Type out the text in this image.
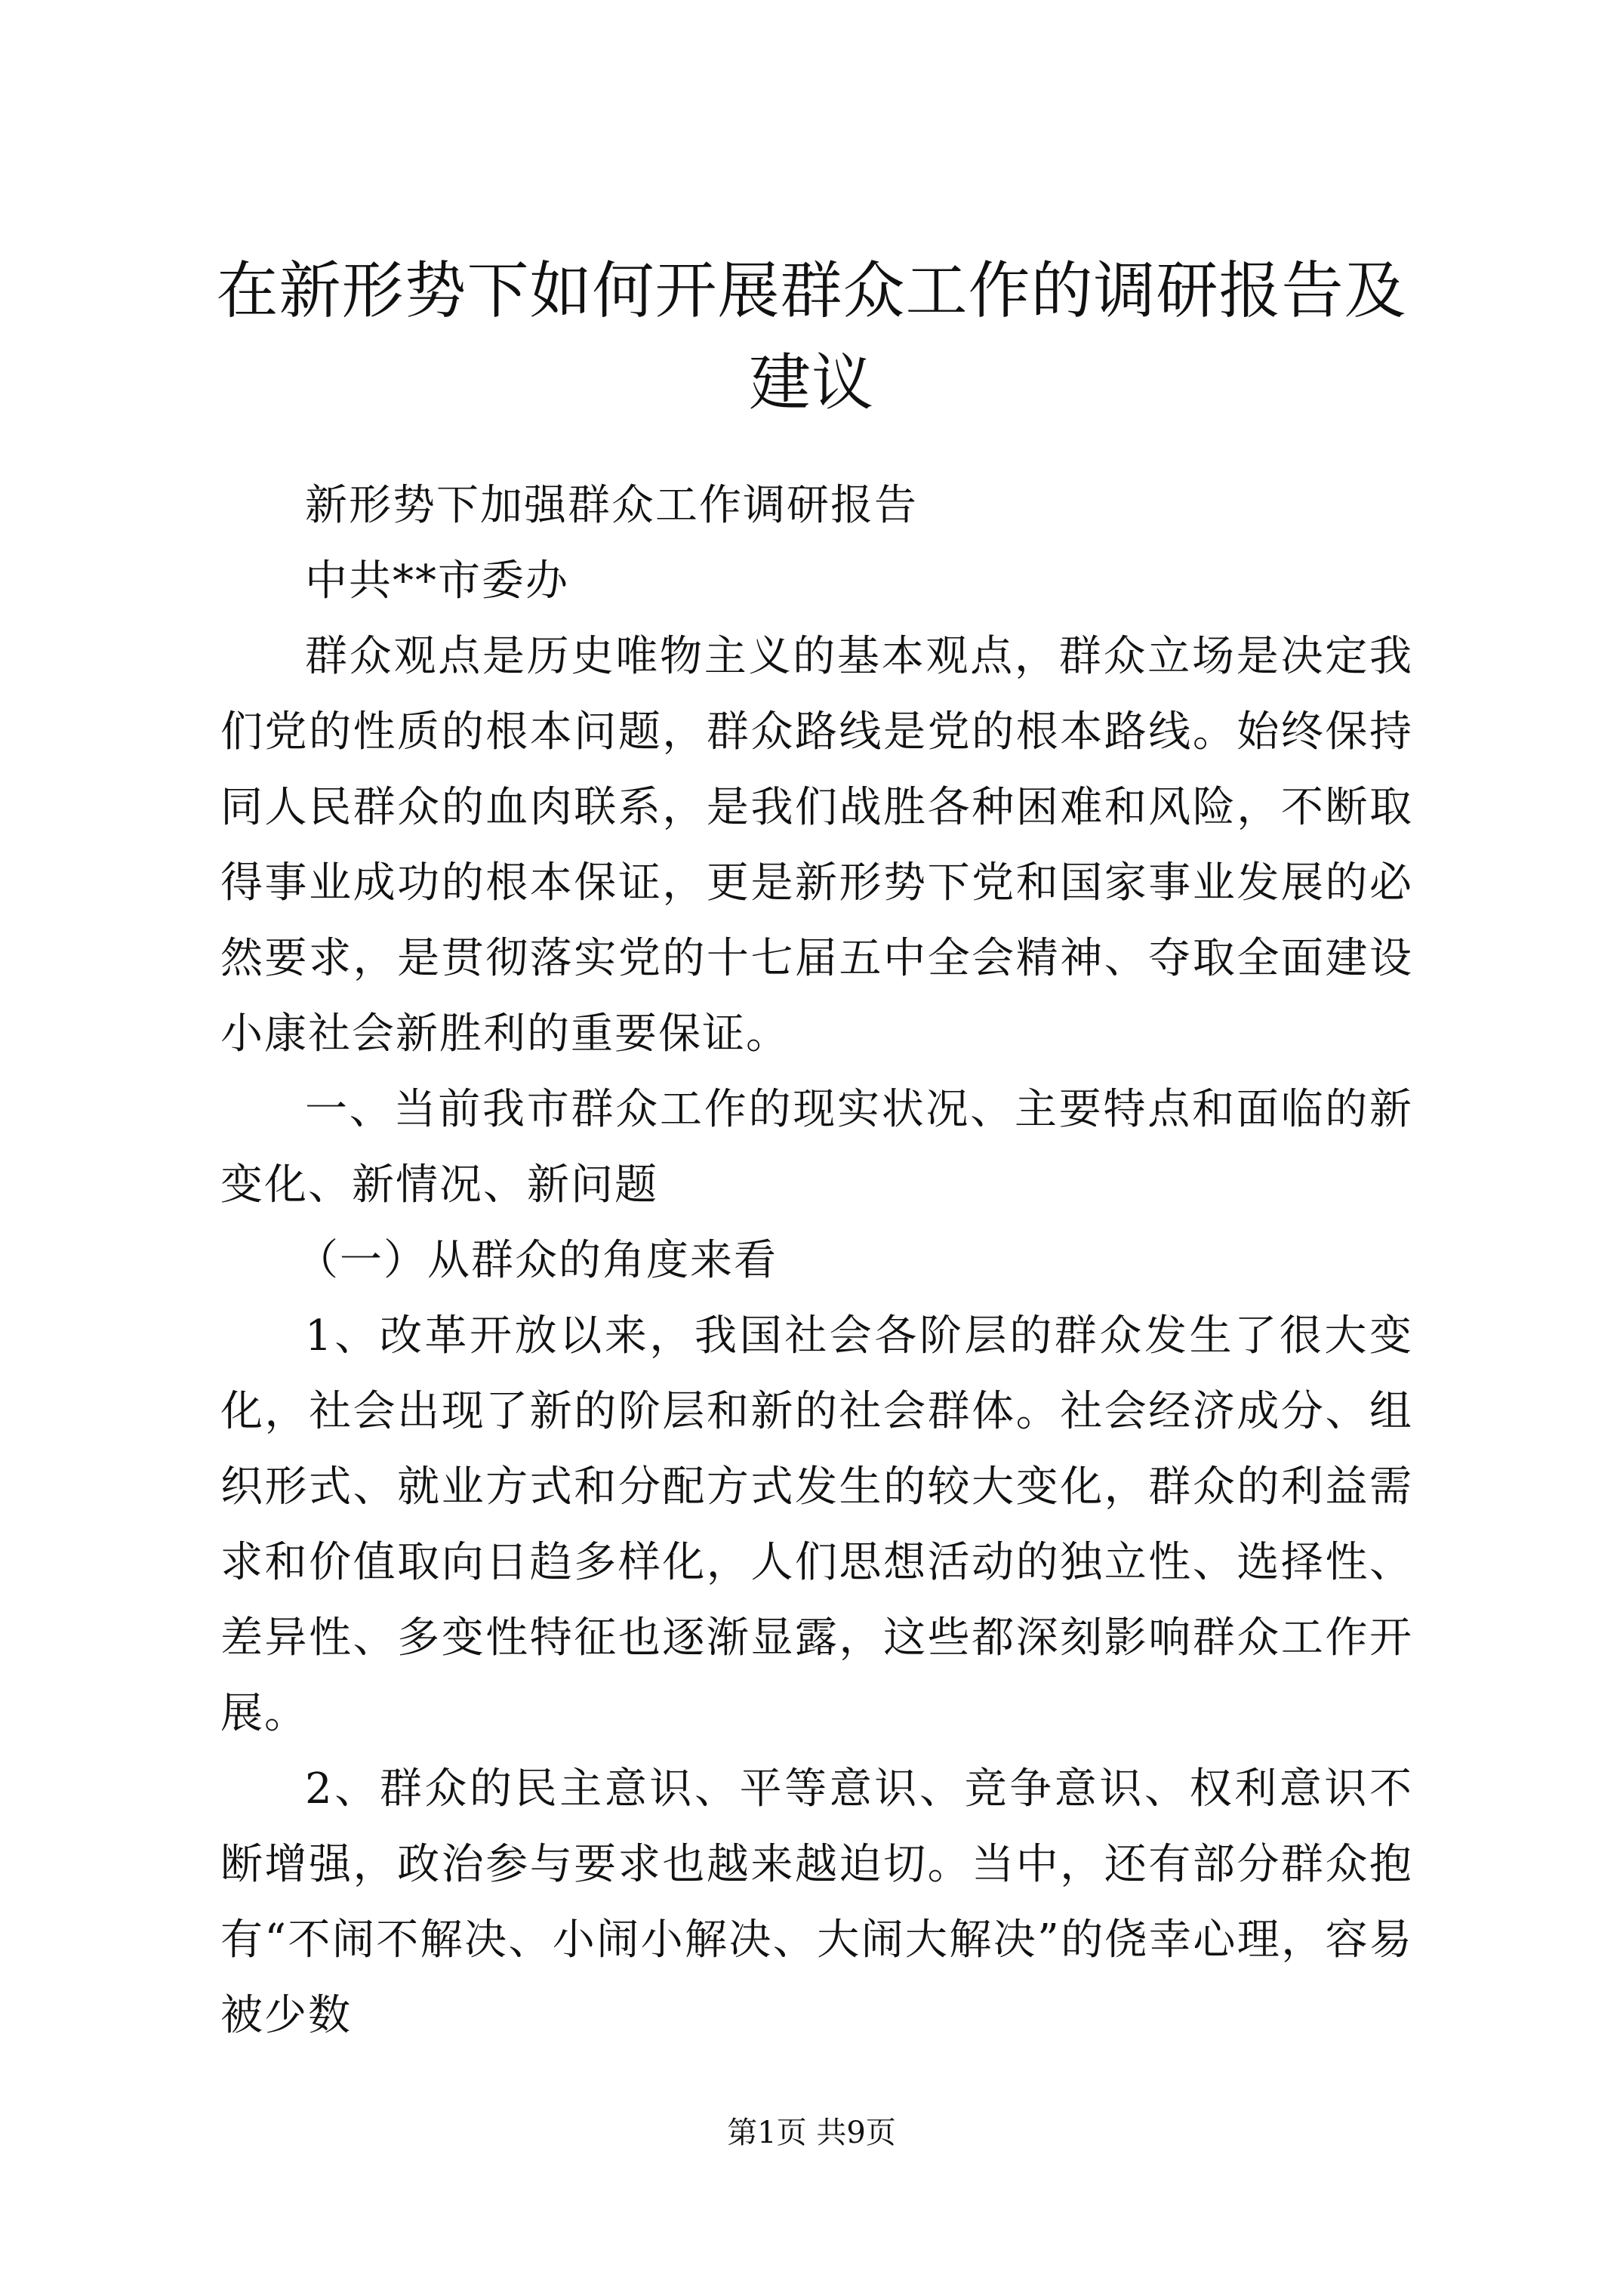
在新形势下如何开展群众工作的调研报告及建议

新形势下加强群众工作调研报告

中共**市委办

群众观点是历史唯物主义的基本观点，群众立场是决定我们党的性质的根本问题，群众路线是党的根本路线。始终保持同人民群众的血肉联系，是我们战胜各种困难和风险，不断取得事业成功的根本保证，更是新形势下党和国家事业发展的必然要求，是贯彻落实党的十七届五中全会精神、夺取全面建设小康社会新胜利的重要保证。

一、当前我市群众工作的现实状况、主要特点和面临的新变化、新情况、新问题

（一）从群众的角度来看

1、改革开放以来，我国社会各阶层的群众发生了很大变化，社会出现了新的阶层和新的社会群体。社会经济成分、组织形式、就业方式和分配方式发生的较大变化，群众的利益需求和价值取向日趋多样化，人们思想活动的独立性、选择性、差异性、多变性特征也逐渐显露，这些都深刻影响群众工作开展。

2、群众的民主意识、平等意识、竞争意识、权利意识不断增强，政治参与要求也越来越迫切。当中，还有部分群众抱有“不闹不解决、小闹小解决、大闹大解决”的侥幸心理，容易被少数

第1页 共9页
